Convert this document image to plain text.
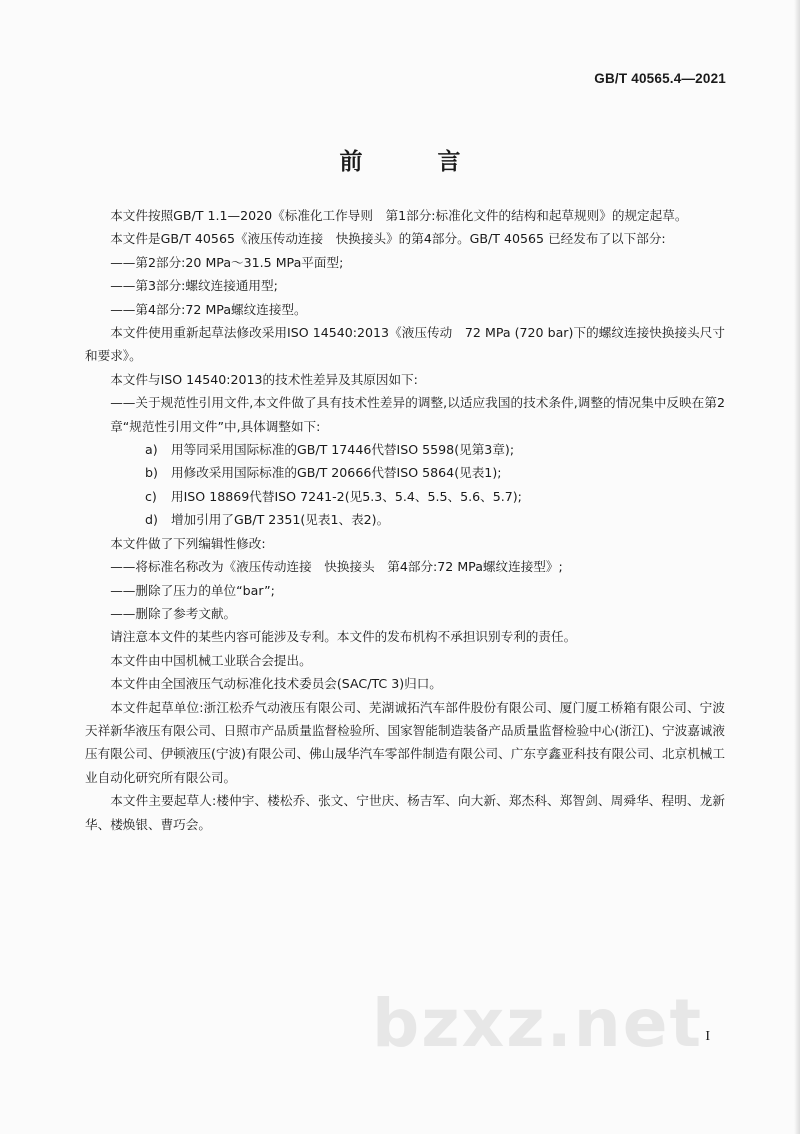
GB/T 40565.4—2021
前　言

本文件按照GB/T 1.1—2020《标准化工作导则　第1部分:标准化文件的结构和起草规则》的规定起草。

本文件是GB/T 40565《液压传动连接　快换接头》的第4部分。GB/T 40565 已经发布了以下部分:

——第2部分:20 MPa～31.5 MPa平面型;

——第3部分:螺纹连接通用型;

——第4部分:72 MPa螺纹连接型。

本文件使用重新起草法修改采用ISO 14540:2013《液压传动　72 MPa (720 bar)下的螺纹连接快换接头尺寸和要求》。

本文件与ISO 14540:2013的技术性差异及其原因如下:

——关于规范性引用文件,本文件做了具有技术性差异的调整,以适应我国的技术条件,调整的情况集中反映在第2章“规范性引用文件”中,具体调整如下:

a) 用等同采用国际标准的GB/T 17446代替ISO 5598(见第3章);

b) 用修改采用国际标准的GB/T 20666代替ISO 5864(见表1);

c) 用ISO 18869代替ISO 7241-2(见5.3、5.4、5.5、5.6、5.7);

d) 增加引用了GB/T 2351(见表1、表2)。

本文件做了下列编辑性修改:

——将标准名称改为《液压传动连接　快换接头　第4部分:72 MPa螺纹连接型》;

——删除了压力的单位“bar”;

——删除了参考文献。

请注意本文件的某些内容可能涉及专利。本文件的发布机构不承担识别专利的责任。

本文件由中国机械工业联合会提出。

本文件由全国液压气动标准化技术委员会(SAC/TC 3)归口。

本文件起草单位:浙江松乔气动液压有限公司、芜湖诚拓汽车部件股份有限公司、厦门厦工桥箱有限公司、宁波天祥新华液压有限公司、日照市产品质量监督检验所、国家智能制造装备产品质量监督检验中心(浙江)、宁波嘉诚液压有限公司、伊顿液压(宁波)有限公司、佛山晟华汽车零部件制造有限公司、广东亨鑫亚科技有限公司、北京机械工业自动化研究所有限公司。

本文件主要起草人:楼仲宇、楼松乔、张文、宁世庆、杨吉军、向大新、郑杰科、郑智剑、周舜华、程明、龙新华、楼焕银、曹巧会。

bzxz.net I
